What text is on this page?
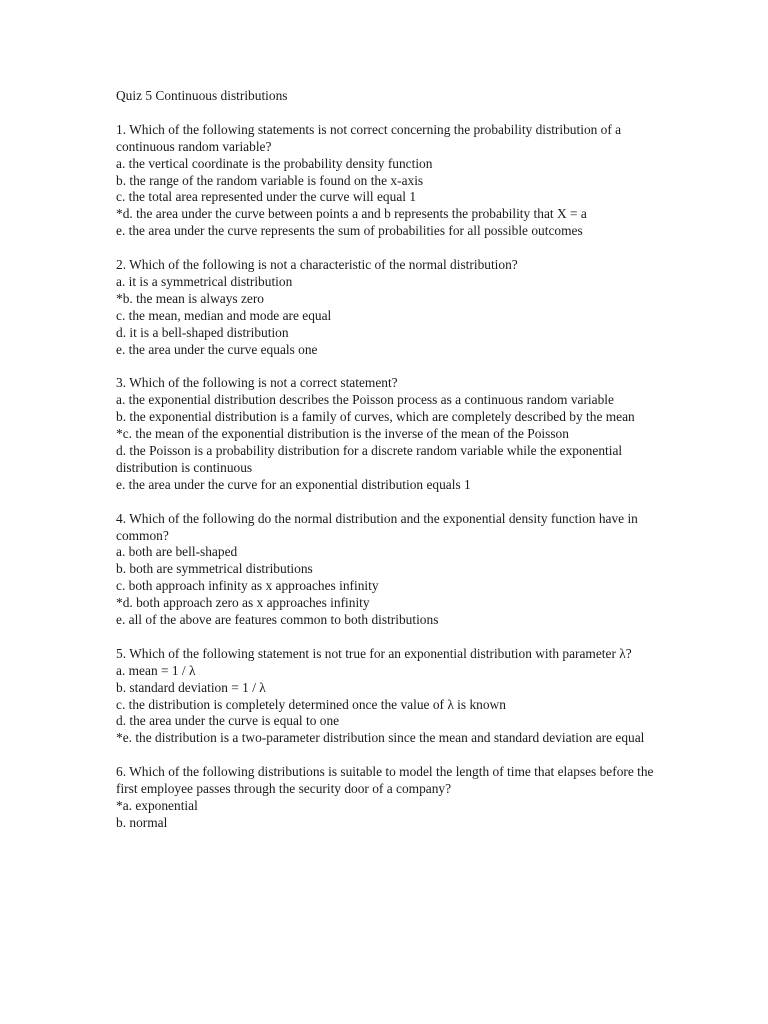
Quiz 5 Continuous distributions
1. Which of the following statements is not correct concerning the probability distribution of a continuous random variable?
a. the vertical coordinate is the probability density function
b. the range of the random variable is found on the x-axis
c. the total area represented under the curve will equal 1
*d. the area under the curve between points a and b represents the probability that X = a
e. the area under the curve represents the sum of probabilities for all possible outcomes
2. Which of the following is not a characteristic of the normal distribution?
a. it is a symmetrical distribution
*b. the mean is always zero
c. the mean, median and mode are equal
d. it is a bell-shaped distribution
e. the area under the curve equals one
3. Which of the following is not a correct statement?
a. the exponential distribution describes the Poisson process as a continuous random variable
b. the exponential distribution is a family of curves, which are completely described by the mean
*c. the mean of the exponential distribution is the inverse of the mean of the Poisson
d. the Poisson is a probability distribution for a discrete random variable while the exponential distribution is continuous
e. the area under the curve for an exponential distribution equals 1
4. Which of the following do the normal distribution and the exponential density function have in common?
a. both are bell-shaped
b. both are symmetrical distributions
c. both approach infinity as x approaches infinity
*d. both approach zero as x approaches infinity
e. all of the above are features common to both distributions
5. Which of the following statement is not true for an exponential distribution with parameter λ?
a. mean = 1 / λ
b. standard deviation = 1 / λ
c. the distribution is completely determined once the value of λ is known
d. the area under the curve is equal to one
*e. the distribution is a two-parameter distribution since the mean and standard deviation are equal
6. Which of the following distributions is suitable to model the length of time that elapses before the first employee passes through the security door of a company?
*a. exponential
b. normal
